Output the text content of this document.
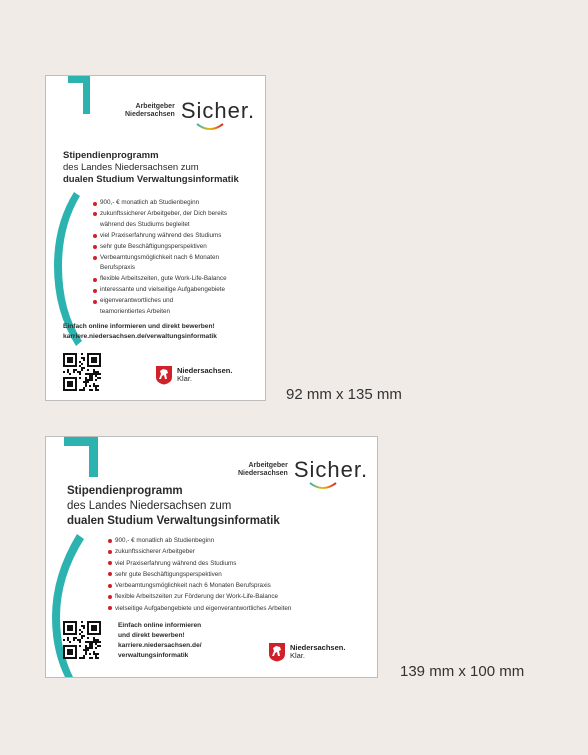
Arbeitgeber
Niedersachsen Sicher.
Stipendienprogramm
des Landes Niedersachsen zum
dualen Studium Verwaltungsinformatik
900,- € monatlich ab Studienbeginn
zukunftssicherer Arbeitgeber, der Dich bereits
während des Studiums begleitet
viel Praxiserfahrung während des Studiums
sehr gute Beschäftigungsperspektiven
Verbeamtungsmöglichkeit nach 6 Monaten
Berufspraxis
flexible Arbeitszeiten, gute Work-Life-Balance
interessante und vielseitige Aufgabengebiete
eigenverantwortliches und
teamorientiertes Arbeiten
Einfach online informieren und direkt bewerben!
karriere.niedersachsen.de/verwaltungsinformatik
Niedersachsen.
Klar.
92 mm x 135 mm
Arbeitgeber
Niedersachsen Sicher.
Stipendienprogramm
des Landes Niedersachsen zum
dualen Studium Verwaltungsinformatik
900,- € monatlich ab Studienbeginn
zukunftssicherer Arbeitgeber
viel Praxiserfahrung während des Studiums
sehr gute Beschäftigungsperspektiven
Verbeamtungsmöglichkeit nach 6 Monaten Berufspraxis
flexible Arbeitszeiten zur Förderung der Work-Life-Balance
vielseitige Aufgabengebiete und eigenverantwortliches Arbeiten
Einfach online informieren
und direkt bewerben!
karriere.niedersachsen.de/
verwaltungsinformatik
Niedersachsen.
Klar.
139 mm x 100 mm
